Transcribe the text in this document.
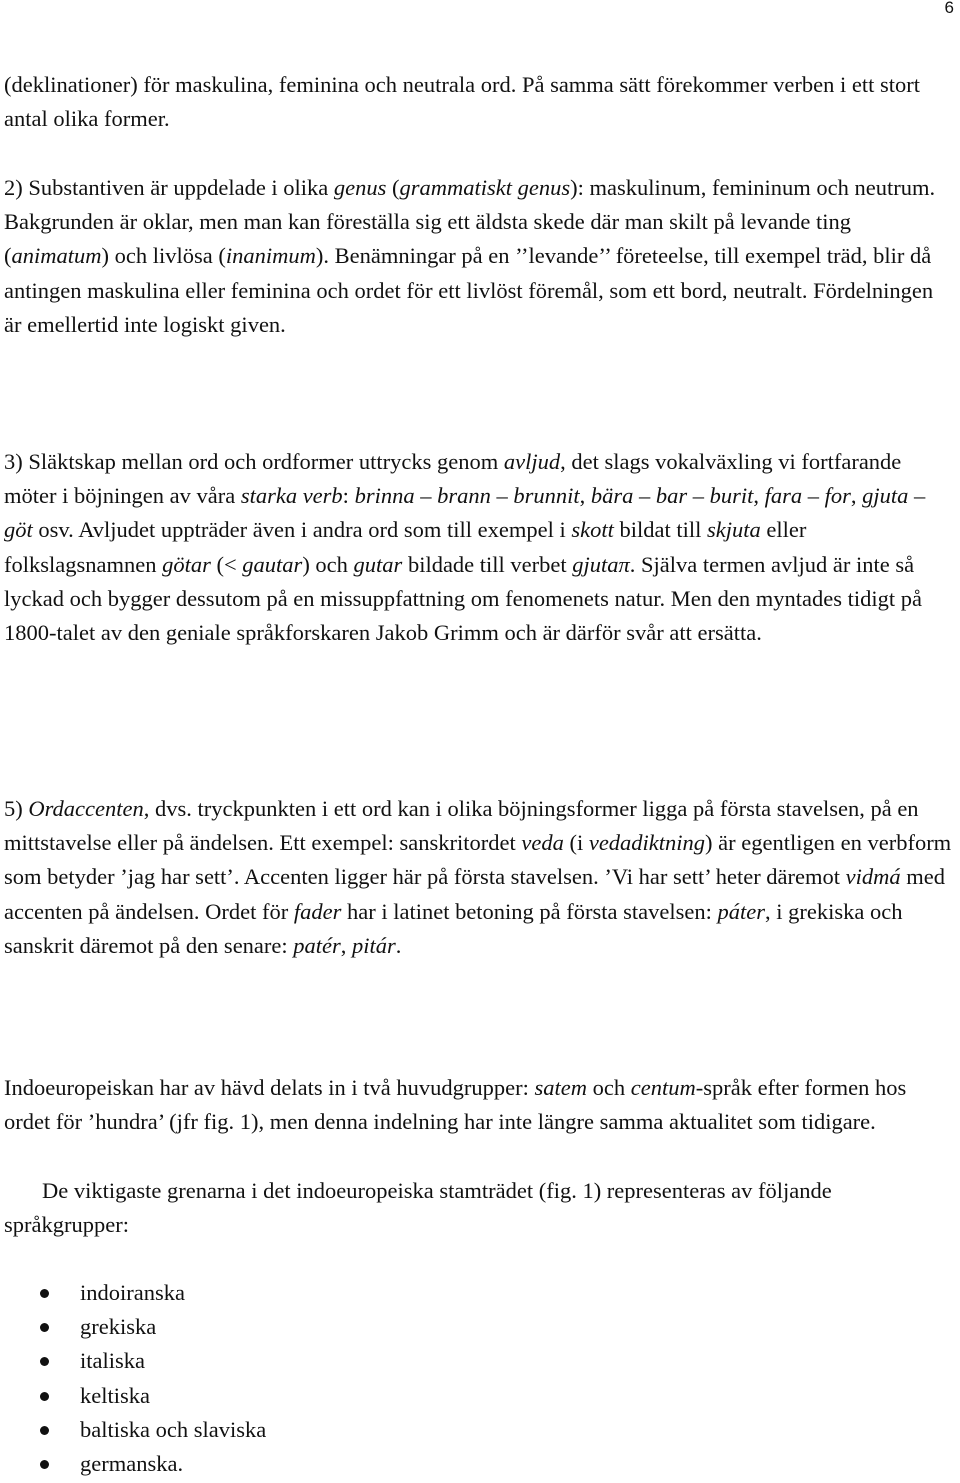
6

(deklinationer) för maskulina, feminina och neutrala ord. På samma sätt förekommer verben i ett stort antal olika former.

2) Substantiven är uppdelade i olika genus (grammatiskt genus): maskulinum, femininum och neutrum. Bakgrunden är oklar, men man kan föreställa sig ett äldsta skede där man skilt på levande ting (animatum) och livlösa (inanimum). Benämningar på en ’’levande’’ företeelse, till exempel träd, blir då antingen maskulina eller feminina och ordet för ett livlöst föremål, som ett bord, neutralt. Fördelningen är emellertid inte logiskt given.

3) Släktskap mellan ord och ordformer uttrycks genom avljud, det slags vokalväxling vi fortfarande möter i böjningen av våra starka verb: brinna – brann – brunnit, bära – bar – burit, fara – for, gjuta – göt osv. Avljudet uppträder även i andra ord som till exempel i skott bildat till skjuta eller folkslagsnamnen götar (< gautar) och gutar bildade till verbet gjutaπ. Själva termen avljud är inte så lyckad och bygger dessutom på en missuppfattning om fenomenets natur. Men den myntades tidigt på 1800-talet av den geniale språkforskaren Jakob Grimm och är därför svår att ersätta.

5) Ordaccenten, dvs. tryckpunkten i ett ord kan i olika böjningsformer ligga på första stavelsen, på en mittstavelse eller på ändelsen. Ett exempel: sanskritordet veda (i vedadiktning) är egentligen en verbform som betyder ’jag har sett’. Accenten ligger här på första stavelsen. ’Vi har sett’ heter däremot vidmá med accenten på ändelsen. Ordet för fader har i latinet betoning på första stavelsen: páter, i grekiska och sanskrit däremot på den senare: patér, pitár.

Indoeuropeiskan har av hävd delats in i två huvudgrupper: satem och centum-språk efter formen hos ordet för ’hundra’ (jfr fig. 1), men denna indelning har inte längre samma aktualitet som tidigare.

De viktigaste grenarna i det indoeuropeiska stamträdet (fig. 1) representeras av följande språkgrupper:

indoiranska
grekiska
italiska
keltiska
baltiska och slaviska
germanska.
